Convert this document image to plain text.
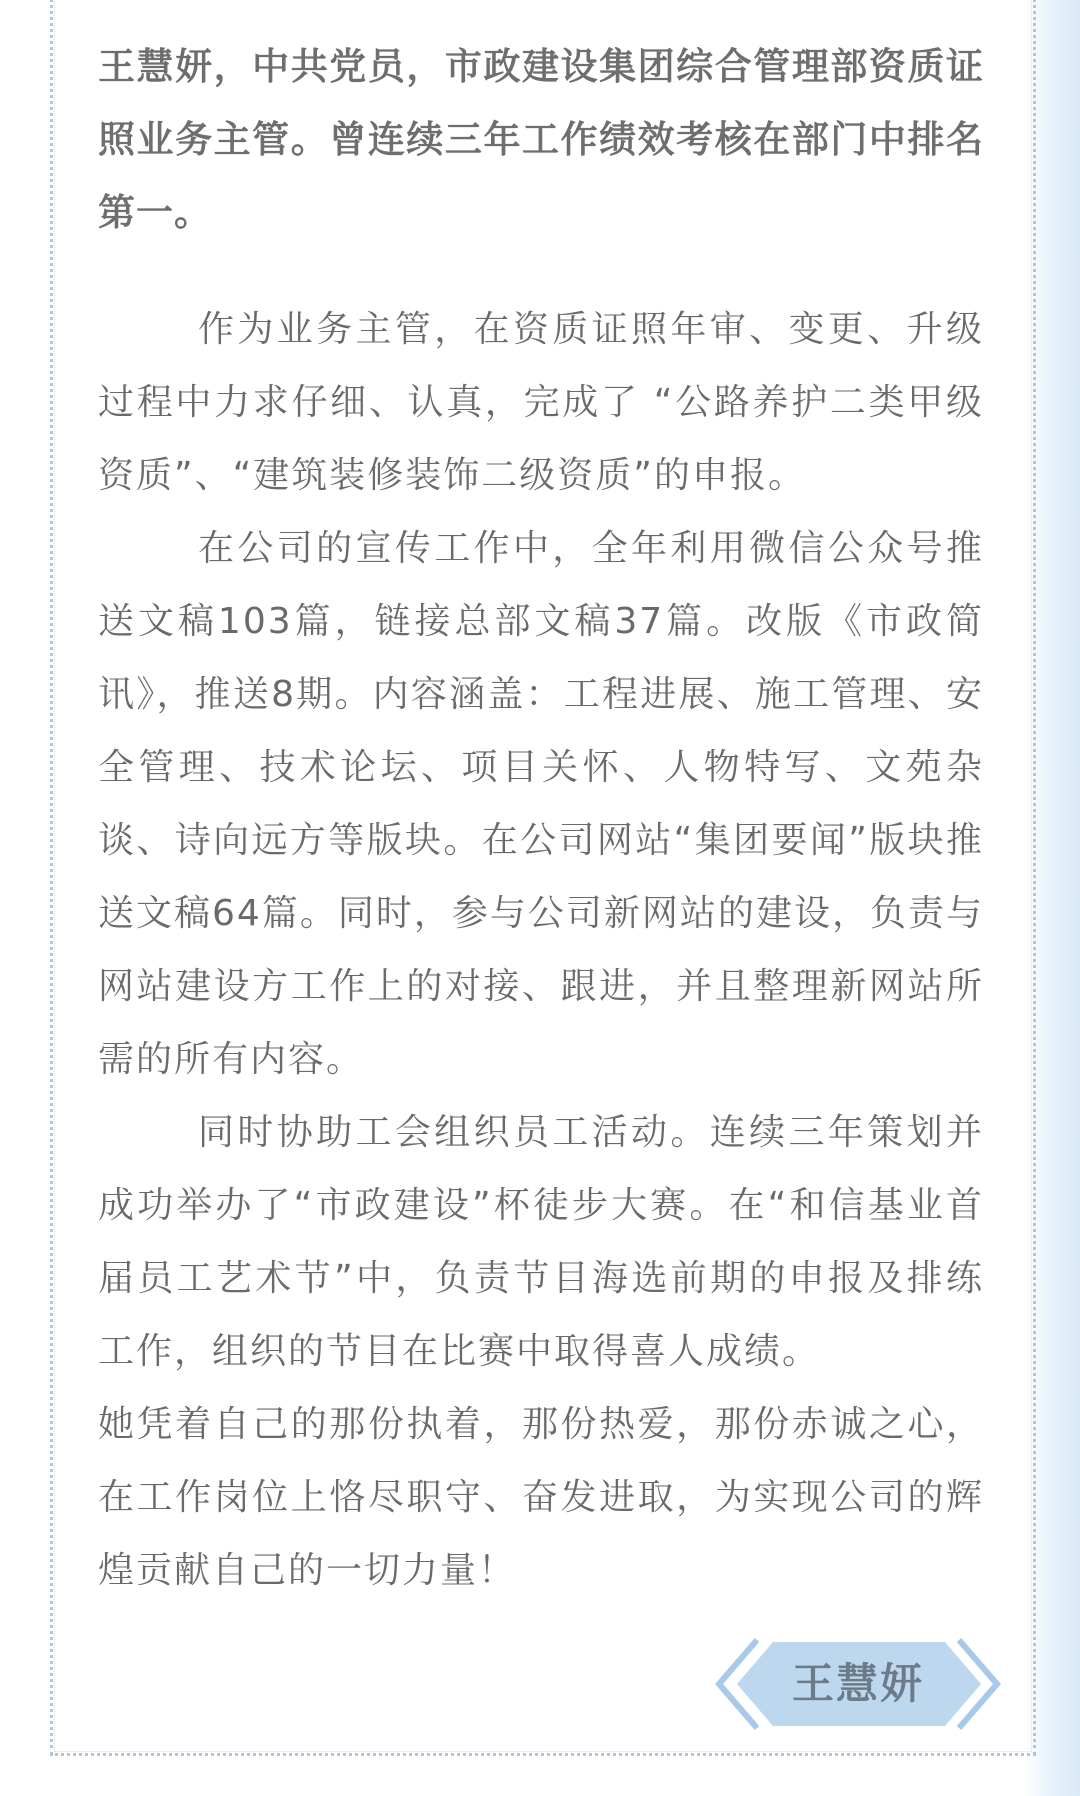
王慧妍，中共党员，市政建设集团综合管理部资质证照业务主管。曾连续三年工作绩效考核在部门中排名第一。

作为业务主管，在资质证照年审、变更、升级过程中力求仔细、认真，完成了 “公路养护二类甲级资质”、“建筑装修装饰二级资质”的申报。

在公司的宣传工作中，全年利用微信公众号推送文稿103篇，链接总部文稿37篇。改版《市政简讯》，推送8期。内容涵盖：工程进展、施工管理、安全管理、技术论坛、项目关怀、人物特写、文苑杂谈、诗向远方等版块。在公司网站“集团要闻”版块推送文稿64篇。同时，参与公司新网站的建设，负责与网站建设方工作上的对接、跟进，并且整理新网站所需的所有内容。

同时协助工会组织员工活动。连续三年策划并成功举办了“市政建设”杯徒步大赛。在“和信基业首届员工艺术节”中，负责节目海选前期的申报及排练工作，组织的节目在比赛中取得喜人成绩。

她凭着自己的那份执着，那份热爱，那份赤诚之心，在工作岗位上恪尽职守、奋发进取，为实现公司的辉煌贡献自己的一切力量！

王慧妍
